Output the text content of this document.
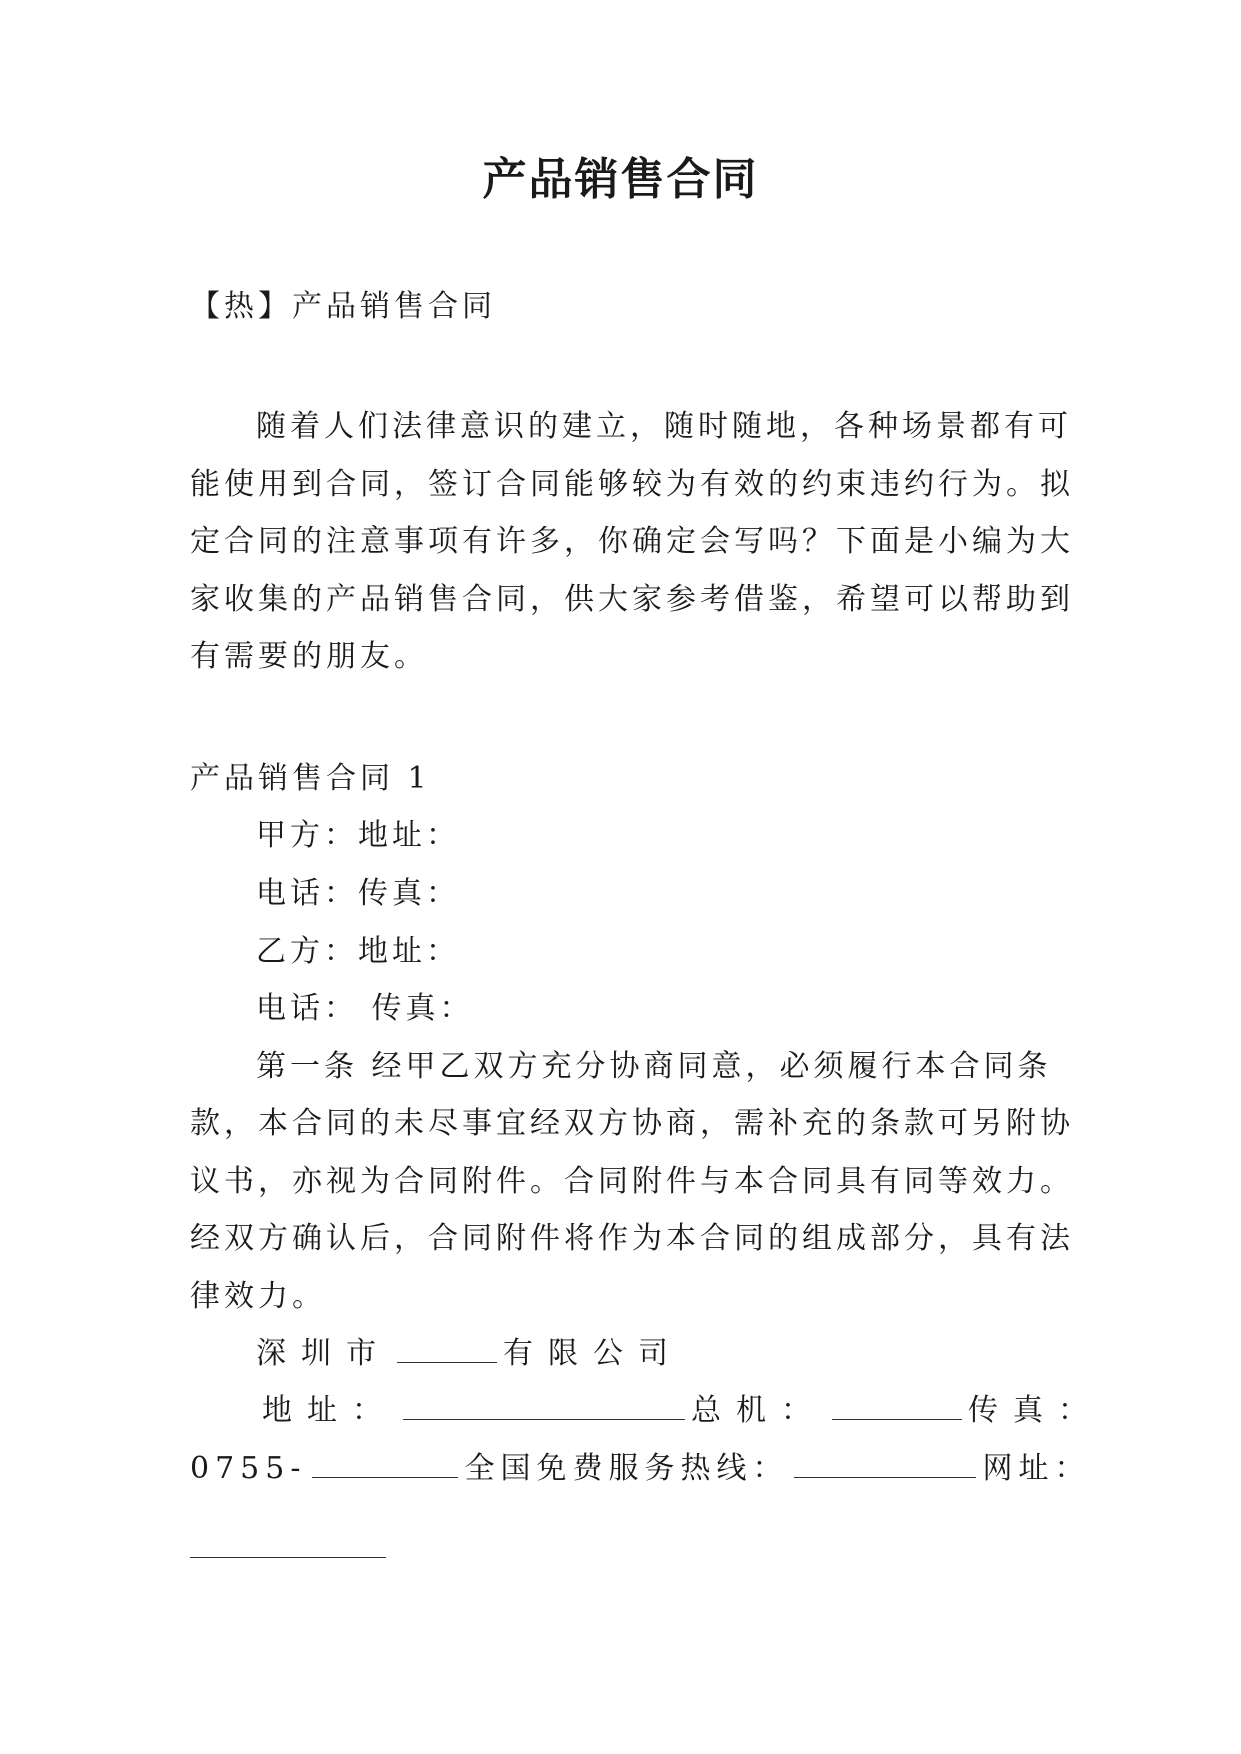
产品销售合同
【热】产品销售合同
随着人们法律意识的建立，随时随地，各种场景都有可
能使用到合同，签订合同能够较为有效的约束违约行为。拟
定合同的注意事项有许多，你确定会写吗？下面是小编为大
家收集的产品销售合同，供大家参考借鉴，希望可以帮助到
有需要的朋友。
产品销售合同 1
甲方：地址：
电话：传真：
乙方：地址：
电话： 传真：
第一条 经甲乙双方充分协商同意，必须履行本合同条
款，本合同的未尽事宜经双方协商，需补充的条款可另附协
议书，亦视为合同附件。合同附件与本合同具有同等效力。
经双方确认后，合同附件将作为本合同的组成部分，具有法
律效力。
深圳市	有限公司
地址：	总机：	传真：
0755-	全国免费服务热线：	网址：
